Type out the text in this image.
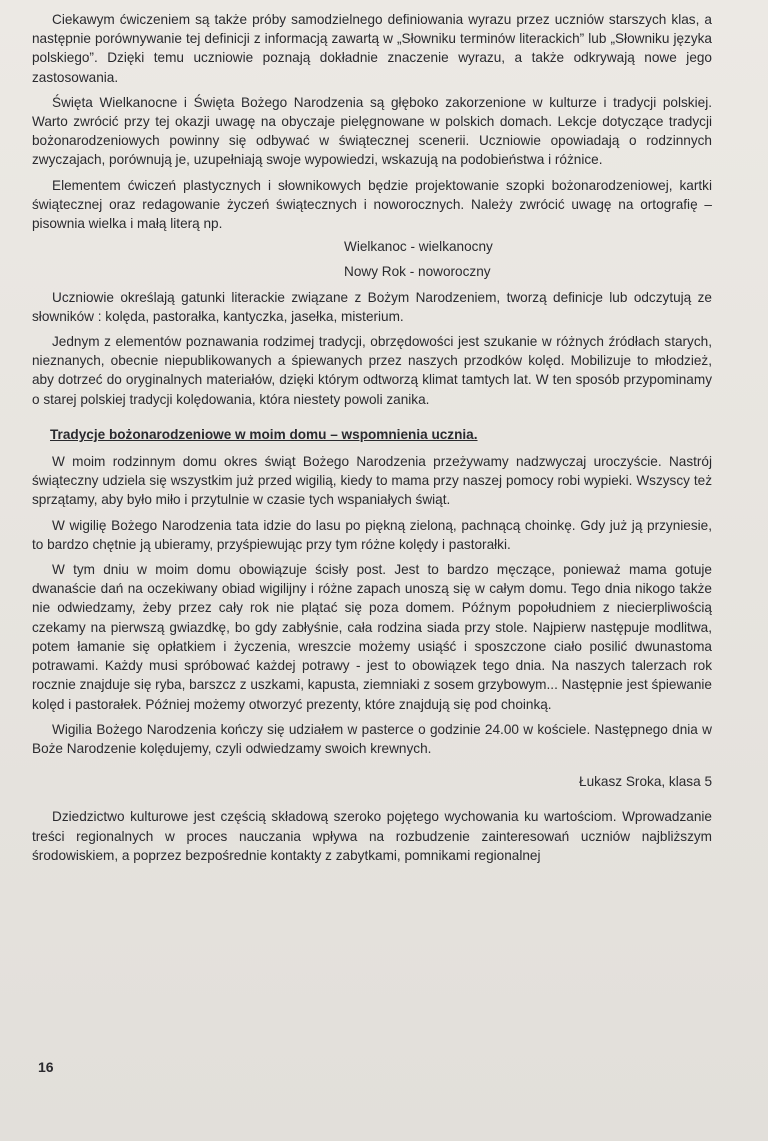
Ciekawym ćwiczeniem są także próby samodzielnego definiowania wyrazu przez uczniów starszych klas, a następnie porównywanie tej definicji z informacją zawartą w „Słowniku terminów literackich” lub „Słowniku języka polskiego”. Dzięki temu uczniowie poznają dokładnie znaczenie wyrazu, a także odkrywają nowe jego zastosowania.

Święta Wielkanocne i Święta Bożego Narodzenia są głęboko zakorzenione w kulturze i tradycji polskiej. Warto zwrócić przy tej okazji uwagę na obyczaje pielęgnowane w polskich domach. Lekcje dotyczące tradycji bożonarodzeniowych powinny się odbywać w świątecznej scenerii. Uczniowie opowiadają o rodzinnych zwyczajach, porównują je, uzupełniają swoje wypowiedzi, wskazują na podobieństwa i różnice.

Elementem ćwiczeń plastycznych i słownikowych będzie projektowanie szopki bożonarodzeniowej, kartki świątecznej oraz redagowanie życzeń świątecznych i noworocznych. Należy zwrócić uwagę na ortografię – pisownia wielka i małą literą np.

Wielkanoc - wielkanocny
Nowy Rok - noworoczny

Uczniowie określają gatunki literackie związane z Bożym Narodzeniem, tworzą definicje lub odczytują ze słowników : kolęda, pastorałka, kantyczka, jasełka, misterium.

Jednym z elementów poznawania rodzimej tradycji, obrzędowości jest szukanie w różnych źródłach starych, nieznanych, obecnie niepublikowanych a śpiewanych przez naszych przodków kolęd. Mobilizuje to młodzież, aby dotrzeć do oryginalnych materiałów, dzięki którym odtworzą klimat tamtych lat. W ten sposób przypominamy o starej polskiej tradycji kolędowania, która niestety powoli zanika.

Tradycje bożonarodzeniowe w moim domu – wspomnienia ucznia.

W moim rodzinnym domu okres świąt Bożego Narodzenia przeżywamy nadzwyczaj uroczyście. Nastrój świąteczny udziela się wszystkim już przed wigilią, kiedy to mama przy naszej pomocy robi wypieki. Wszyscy też sprzątamy, aby było miło i przytulnie w czasie tych wspaniałych świąt.

W wigilię Bożego Narodzenia tata idzie do lasu po piękną zieloną, pachnącą choinkę. Gdy już ją przyniesie, to bardzo chętnie ją ubieramy, przyśpiewując przy tym różne kolędy i pastorałki.

W tym dniu w moim domu obowiązuje ścisły post. Jest to bardzo męczące, ponieważ mama gotuje dwanaście dań na oczekiwany obiad wigilijny i różne zapach unoszą się w całym domu. Tego dnia nikogo także nie odwiedzamy, żeby przez cały rok nie plątać się poza domem. Późnym popołudniem z niecierpliwością czekamy na pierwszą gwiazdkę, bo gdy zabłyśnie, cała rodzina siada przy stole. Najpierw następuje modlitwa, potem łamanie się opłatkiem i życzenia, wreszcie możemy usiąść i sposzczone ciało posilić dwunastoma potrawami. Każdy musi spróbować każdej potrawy - jest to obowiązek tego dnia. Na naszych talerzach rok rocznie znajduje się ryba, barszcz z uszkami, kapusta, ziemniaki z sosem grzybowym... Następnie jest śpiewanie kolęd i pastorałek. Później możemy otworzyć prezenty, które znajdują się pod choinką.

Wigilia Bożego Narodzenia kończy się udziałem w pasterce o godzinie 24.00 w kościele. Następnego dnia w Boże Narodzenie kolędujemy, czyli odwiedzamy swoich krewnych.

Łukasz Sroka, klasa 5

Dziedzictwo kulturowe jest częścią składową szeroko pojętego wychowania ku wartościom. Wprowadzanie treści regionalnych w proces nauczania wpływa na rozbudzenie zainteresowań uczniów najbliższym środowiskiem, a poprzez bezpośrednie kontakty z zabytkami, pomnikami regionalnej

16
